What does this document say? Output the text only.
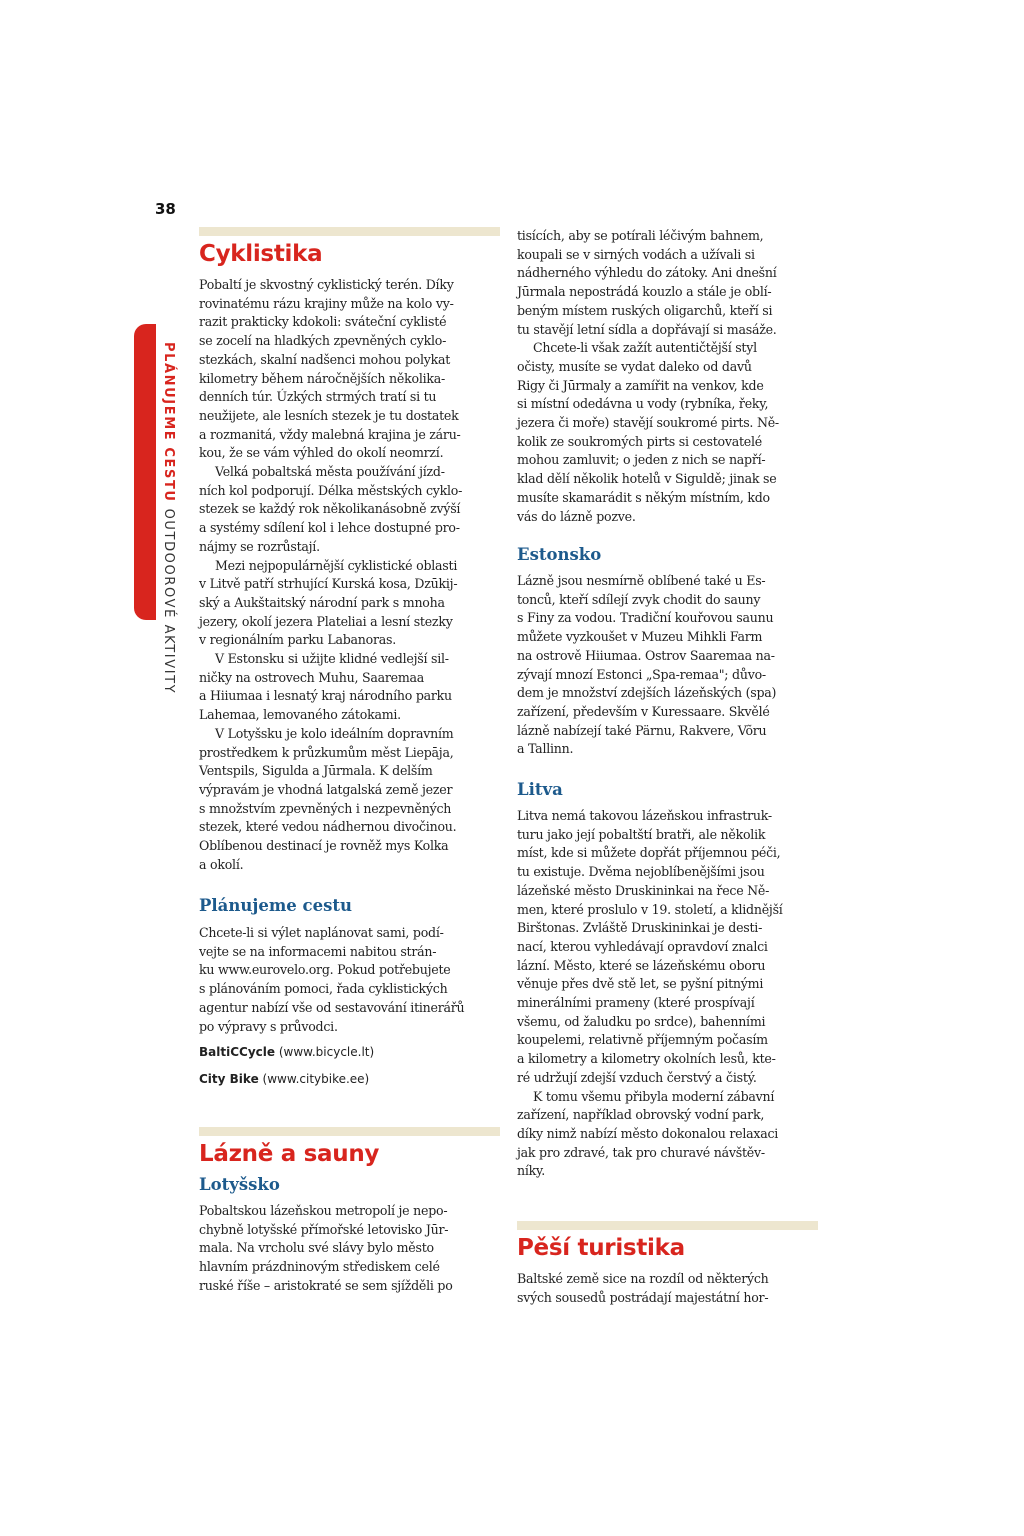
38
PLÁNUJEME CESTUOUTDOOROVÉ AKTIVITY
Cyklistika

Pobaltí je skvostný cyklistický terén. Díky
rovinatému rázu krajiny může na kolo vy-
razit prakticky kdokoli: sváteční cyklisté
se zocelí na hladkých zpevněných cyklo-
stezkách, skalní nadšenci mohou polykat
kilometry během náročnějších několika-
denních túr. Úzkých strmých tratí si tu
neužijete, ale lesních stezek je tu dostatek
a rozmanitá, vždy malebná krajina je záru-
kou, že se vám výhled do okolí neomrzí.

Velká pobaltská města používání jízd-
ních kol podporují. Délka městských cyklo-
stezek se každý rok několikanásobně zvýší
a systémy sdílení kol i lehce dostupné pro-
nájmy se rozrůstají.

Mezi nejpopulárnější cyklistické oblasti
v Litvě patří strhující Kurská kosa, Dzūkij-
ský a Aukštaitský národní park s mnoha
jezery, okolí jezera Plateliai a lesní stezky
v regionálním parku Labanoras.

V Estonsku si užijte klidné vedlejší sil-
ničky na ostrovech Muhu, Saaremaa
a Hiiumaa i lesnatý kraj národního parku
Lahemaa, lemovaného zátokami.

V Lotyšsku je kolo ideálním dopravním
prostředkem k průzkumům měst Liepāja,
Ventspils, Sigulda a Jūrmala. K delším
výpravám je vhodná latgalská země jezer
s množstvím zpevněných i nezpevněných
stezek, které vedou nádhernou divočinou.
Oblíbenou destinací je rovněž mys Kolka
a okolí.

Plánujeme cestu

Chcete-li si výlet naplánovat sami, podí-
vejte se na informacemi nabitou strán-
ku www.eurovelo.org. Pokud potřebujete
s plánováním pomoci, řada cyklistických
agentur nabízí vše od sestavování itinerářů
po výpravy s průvodci.

BaltiCCycle (www.bicycle.lt)
City Bike (www.citybike.ee)
Lázně a sauny
Lotyšsko

Pobaltskou lázeňskou metropolí je nepo-
chybně lotyšské přímořské letovisko Jūr-
mala. Na vrcholu své slávy bylo město
hlavním prázdninovým střediskem celé
ruské říše – aristokraté se sem sjížděli po

tisících, aby se potírali léčivým bahnem,
koupali se v sirných vodách a užívali si
nádherného výhledu do zátoky. Ani dnešní
Jūrmala nepostrádá kouzlo a stále je oblí-
beným místem ruských oligarchů, kteří si
tu stavějí letní sídla a dopřávají si masáže.

Chcete-li však zažít autentičtější styl
očisty, musíte se vydat daleko od davů
Rigy či Jūrmaly a zamířit na venkov, kde
si místní odedávna u vody (rybníka, řeky,
jezera či moře) stavějí soukromé pirts. Ně-
kolik ze soukromých pirts si cestovatelé
mohou zamluvit; o jeden z nich se napří-
klad dělí několik hotelů v Siguldě; jinak se
musíte skamarádit s někým místním, kdo
vás do lázně pozve.

Estonsko

Lázně jsou nesmírně oblíbené také u Es-
tonců, kteří sdílejí zvyk chodit do sauny
s Finy za vodou. Tradiční kouřovou saunu
můžete vyzkoušet v Muzeu Mihkli Farm
na ostrově Hiiumaa. Ostrov Saaremaa na-
zývají mnozí Estonci „Spa-remaa"; důvo-
dem je množství zdejších lázeňských (spa)
zařízení, především v Kuressaare. Skvělé
lázně nabízejí také Pärnu, Rakvere, Võru
a Tallinn.

Litva

Litva nemá takovou lázeňskou infrastruk-
turu jako její pobaltští bratři, ale několik
míst, kde si můžete dopřát příjemnou péči,
tu existuje. Dvěma nejoblíbenějšími jsou
lázeňské město Druskininkai na řece Ně-
men, které proslulo v 19. století, a klidnější
Birštonas. Zvláště Druskininkai je desti-
nací, kterou vyhledávají opravdoví znalci
lázní. Město, které se lázeňskému oboru
věnuje přes dvě stě let, se pyšní pitnými
minerálními prameny (které prospívají
všemu, od žaludku po srdce), bahenními
koupelemi, relativně příjemným počasím
a kilometry a kilometry okolních lesů, kte-
ré udržují zdejší vzduch čerstvý a čistý.

K tomu všemu přibyla moderní zábavní
zařízení, například obrovský vodní park,
díky nimž nabízí město dokonalou relaxaci
jak pro zdravé, tak pro churavé návštěv-
níky.

Pěší turistika

Baltské země sice na rozdíl od některých
svých sousedů postrádají majestátní hor-
